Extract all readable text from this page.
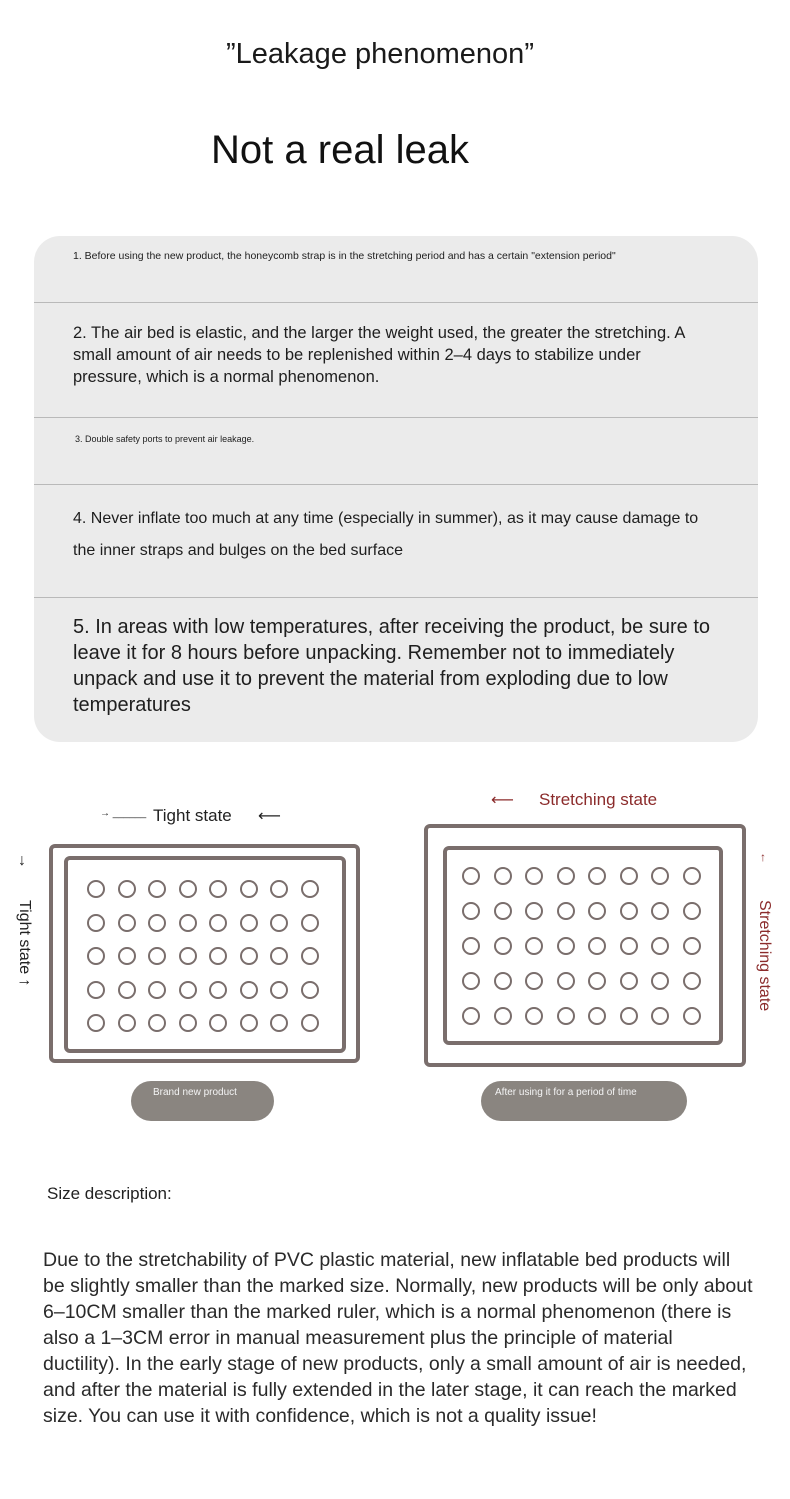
”Leakage phenomenon”
Not a real leak
1. Before using the new product, the honeycomb strap is in the stretching period and has a certain "extension period"
2. The air bed is elastic, and the larger the weight used, the greater the stretching. A small amount of air needs to be replenished within 2–4 days to stabilize under pressure, which is a normal phenomenon.
3. Double safety ports to prevent air leakage.
4. Never inflate too much at any time (especially in summer), as it may cause damage to the inner straps and bulges on the bed surface
5. In areas with low temperatures, after receiving the product, be sure to leave it for 8 hours before unpacking. Remember not to immediately unpack and use it to prevent the material from exploding due to low temperatures
→ ______ Tight state ⟵
↓
Tight state ↑
Brand new product
⟵ Stretching state
↑
Stretching state
After using it for a period of time
Size description:
Due to the stretchability of PVC plastic material, new inflatable bed products will be slightly smaller than the marked size. Normally, new products will be only about 6–10CM smaller than the marked ruler, which is a normal phenomenon (there is also a 1–3CM error in manual measurement plus the principle of material ductility). In the early stage of new products, only a small amount of air is needed, and after the material is fully extended in the later stage, it can reach the marked size. You can use it with confidence, which is not a quality issue!
